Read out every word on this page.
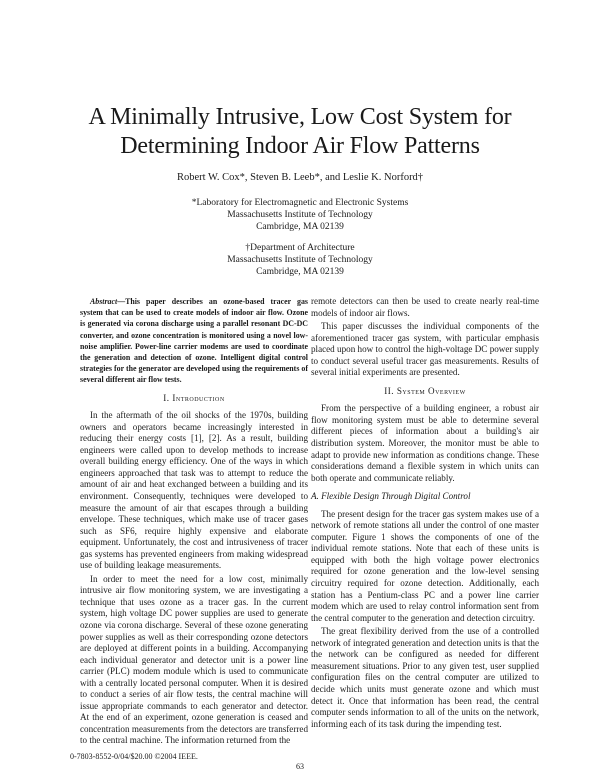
A Minimally Intrusive, Low Cost System for
Determining Indoor Air Flow Patterns
Robert W. Cox*, Steven B. Leeb*, and Leslie K. Norford†
*Laboratory for Electromagnetic and Electronic Systems
Massachusetts Institute of Technology
Cambridge, MA 02139
†Department of Architecture
Massachusetts Institute of Technology
Cambridge, MA 02139

Abstract—This paper describes an ozone-based tracer gas system that can be used to create models of indoor air flow. Ozone is generated via corona discharge using a parallel resonant DC-DC converter, and ozone concentration is monitored using a novel low-noise amplifier. Power-line carrier modems are used to coordinate the generation and detection of ozone. Intelligent digital control strategies for the generator are developed using the requirements of several different air flow tests.

I. Introduction

In the aftermath of the oil shocks of the 1970s, building owners and operators became increasingly interested in reducing their energy costs [1], [2]. As a result, building engineers were called upon to develop methods to increase overall building energy efficiency. One of the ways in which engineers approached that task was to attempt to reduce the amount of air and heat exchanged between a building and its environment. Consequently, techniques were developed to measure the amount of air that escapes through a building envelope. These techniques, which make use of tracer gases such as SF6, require highly expensive and elaborate equipment. Unfortunately, the cost and intrusiveness of tracer gas systems has prevented engineers from making widespread use of building leakage measurements.

In order to meet the need for a low cost, minimally intrusive air flow monitoring system, we are investigating a technique that uses ozone as a tracer gas. In the current system, high voltage DC power supplies are used to generate ozone via corona discharge. Several of these ozone generating power supplies as well as their corresponding ozone detectors are deployed at different points in a building. Accompanying each individual generator and detector unit is a power line carrier (PLC) modem module which is used to communicate with a centrally located personal computer. When it is desired to conduct a series of air flow tests, the central machine will issue appropriate commands to each generator and detector. At the end of an experiment, ozone generation is ceased and concentration measurements from the detectors are transferred to the central machine. The information returned from the

remote detectors can then be used to create nearly real-time models of indoor air flows.

This paper discusses the individual components of the aforementioned tracer gas system, with particular emphasis placed upon how to control the high-voltage DC power supply to conduct several useful tracer gas measurements. Results of several initial experiments are presented.

II. System Overview

From the perspective of a building engineer, a robust air flow monitoring system must be able to determine several different pieces of information about a building's air distribution system. Moreover, the monitor must be able to adapt to provide new information as conditions change. These considerations demand a flexible system in which units can both operate and communicate reliably.

A. Flexible Design Through Digital Control

The present design for the tracer gas system makes use of a network of remote stations all under the control of one master computer. Figure 1 shows the components of one of the individual remote stations. Note that each of these units is equipped with both the high voltage power electronics required for ozone generation and the low-level sensing circuitry required for ozone detection. Additionally, each station has a Pentium-class PC and a power line carrier modem which are used to relay control information sent from the central computer to the generation and detection circuitry.

The great flexibility derived from the use of a controlled network of integrated generation and detection units is that the the network can be configured as needed for different measurement situations. Prior to any given test, user supplied configuration files on the central computer are utilized to decide which units must generate ozone and which must detect it. Once that information has been read, the central computer sends information to all of the units on the network, informing each of its task during the impending test.

0-7803-8552-0/04/$20.00 ©2004 IEEE.
63
